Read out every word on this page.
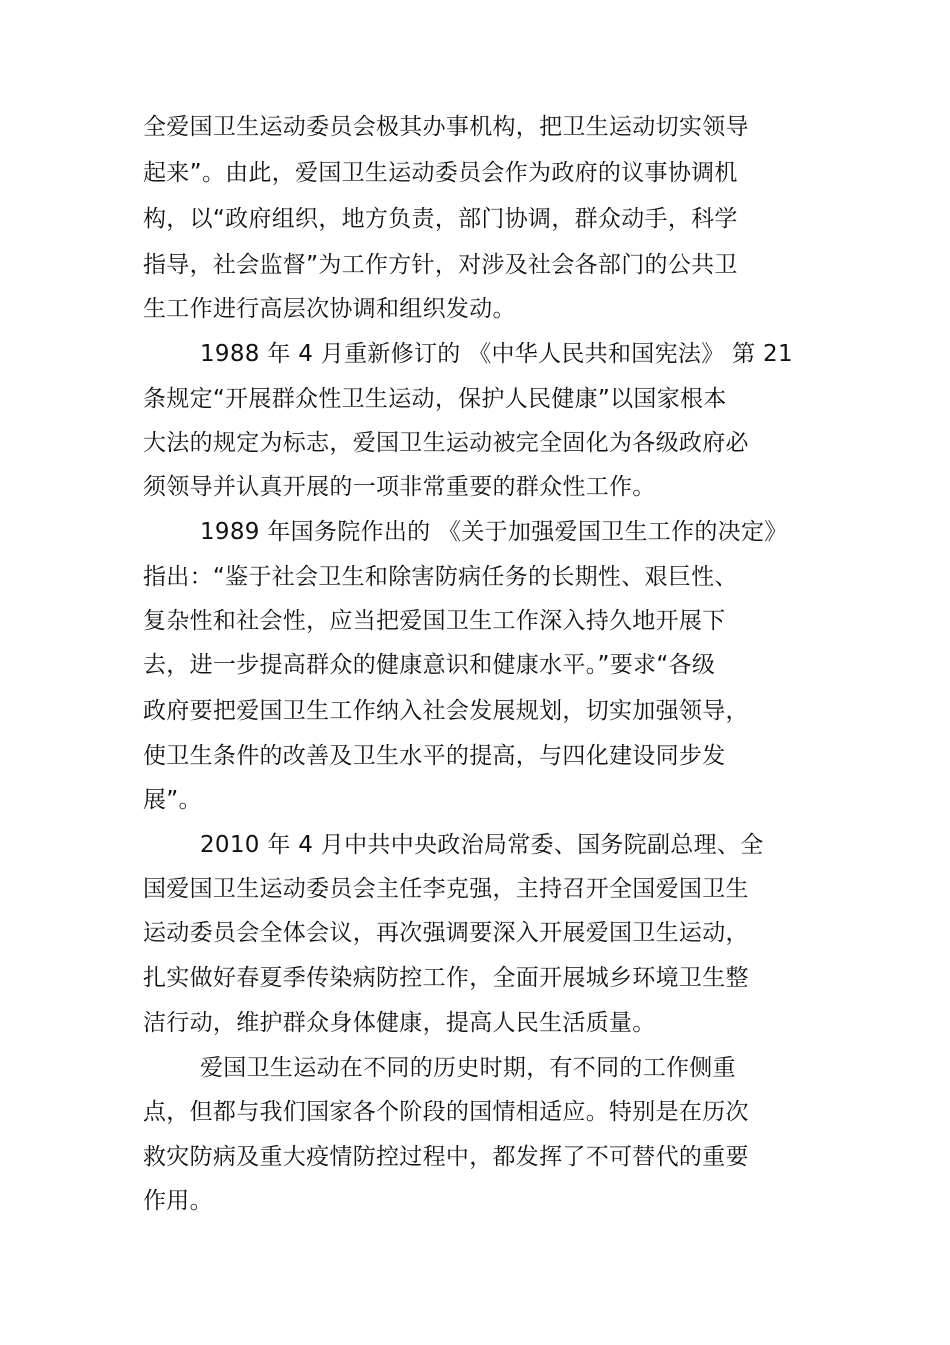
全爱国卫生运动委员会极其办事机构，把卫生运动切实领导
起来”。由此，爱国卫生运动委员会作为政府的议事协调机
构，以“政府组织，地方负责，部门协调，群众动手，科学
指导，社会监督”为工作方针，对涉及社会各部门的公共卫
生工作进行高层次协调和组织发动。
1988 年 4 月重新修订的 《中华人民共和国宪法》 第 21
条规定“开展群众性卫生运动，保护人民健康”以国家根本
大法的规定为标志，爱国卫生运动被完全固化为各级政府必
须领导并认真开展的一项非常重要的群众性工作。
1989 年国务院作出的 《关于加强爱国卫生工作的决定》
指出：“鉴于社会卫生和除害防病任务的长期性、艰巨性、
复杂性和社会性，应当把爱国卫生工作深入持久地开展下
去，进一步提高群众的健康意识和健康水平。”要求“各级
政府要把爱国卫生工作纳入社会发展规划，切实加强领导，
使卫生条件的改善及卫生水平的提高，与四化建设同步发
展”。
2010 年 4 月中共中央政治局常委、国务院副总理、全
国爱国卫生运动委员会主任李克强，主持召开全国爱国卫生
运动委员会全体会议，再次强调要深入开展爱国卫生运动，
扎实做好春夏季传染病防控工作，全面开展城乡环境卫生整
洁行动，维护群众身体健康，提高人民生活质量。
爱国卫生运动在不同的历史时期，有不同的工作侧重
点，但都与我们国家各个阶段的国情相适应。特别是在历次
救灾防病及重大疫情防控过程中，都发挥了不可替代的重要
作用。
